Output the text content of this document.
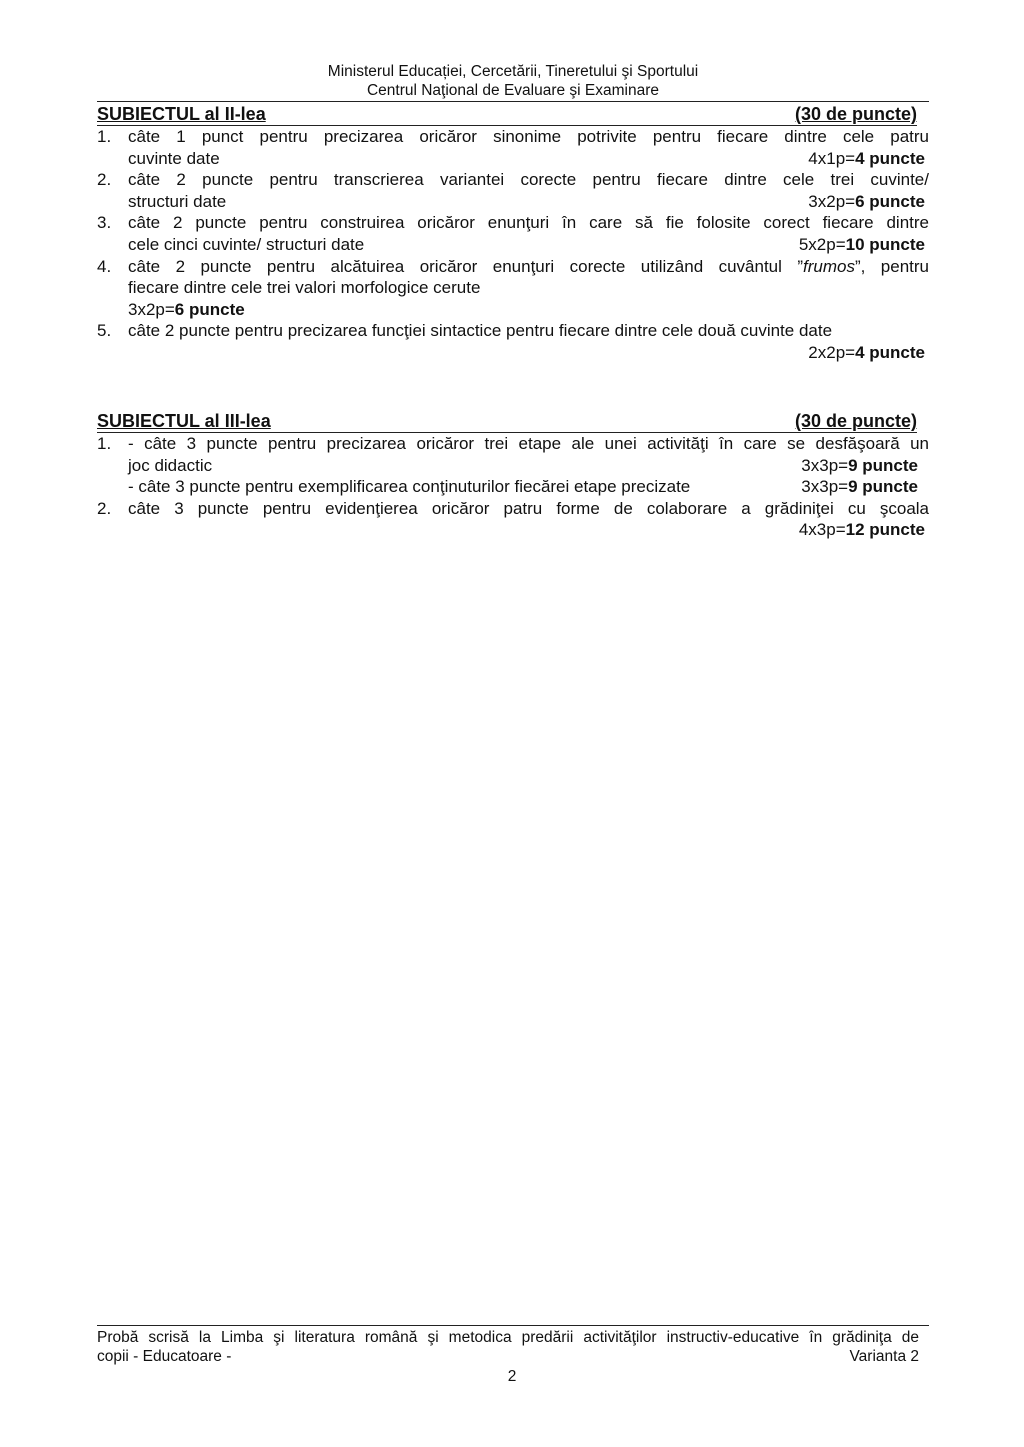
Ministerul Educației, Cercetării, Tineretului şi Sportului
Centrul Naţional de Evaluare şi Examinare
SUBIECTUL al II-lea	(30 de puncte)
1. câte 1 punct pentru precizarea oricăror sinonime potrivite pentru fiecare dintre cele patru
cuvinte date	4x1p=4 puncte
2. câte 2 puncte pentru transcrierea variantei corecte pentru fiecare dintre cele trei cuvinte/
structuri date	3x2p=6 puncte
3. câte 2 puncte pentru construirea oricăror enunţuri în care să fie folosite corect fiecare dintre
cele cinci cuvinte/ structuri date	5x2p=10 puncte
4. câte 2 puncte pentru alcătuirea oricăror enunţuri corecte utilizând cuvântul ”frumos”, pentru
fiecare dintre cele trei valori morfologice cerute
3x2p=6 puncte
5. câte 2 puncte pentru precizarea funcţiei sintactice pentru fiecare dintre cele două cuvinte date
2x2p=4 puncte
SUBIECTUL al III-lea	(30 de puncte)
1. - câte 3 puncte pentru precizarea oricăror trei etape ale unei activităţi în care se desfăşoară un
joc didactic	3x3p=9 puncte
- câte 3 puncte pentru exemplificarea conţinuturilor fiecărei etape precizate	3x3p=9 puncte
2. câte 3 puncte pentru evidenţierea oricăror patru forme de colaborare a grădiniţei cu şcoala
4x3p=12 puncte
Probă scrisă la Limba şi literatura română şi metodica predării activităţilor instructiv-educative în grădiniţa de
copii - Educatoare -	Varianta 2
2
